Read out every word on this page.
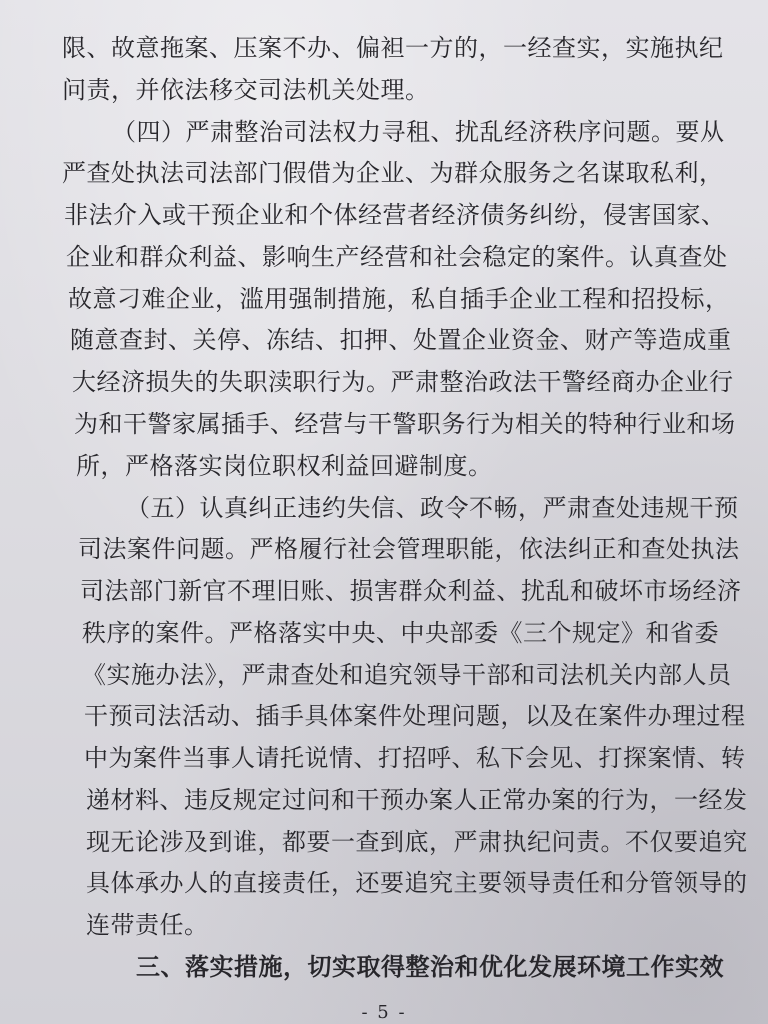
限、故意拖案、压案不办、偏袒一方的，一经查实，实施执纪
问责，并依法移交司法机关处理。
（四）严肃整治司法权力寻租、扰乱经济秩序问题。要从
严查处执法司法部门假借为企业、为群众服务之名谋取私利，
非法介入或干预企业和个体经营者经济债务纠纷，侵害国家、
企业和群众利益、影响生产经营和社会稳定的案件。认真查处
故意刁难企业，滥用强制措施，私自插手企业工程和招投标，
随意查封、关停、冻结、扣押、处置企业资金、财产等造成重
大经济损失的失职渎职行为。严肃整治政法干警经商办企业行
为和干警家属插手、经营与干警职务行为相关的特种行业和场
所，严格落实岗位职权利益回避制度。
（五）认真纠正违约失信、政令不畅，严肃查处违规干预
司法案件问题。严格履行社会管理职能，依法纠正和查处执法
司法部门新官不理旧账、损害群众利益、扰乱和破坏市场经济
秩序的案件。严格落实中央、中央部委《三个规定》和省委
《实施办法》，严肃查处和追究领导干部和司法机关内部人员
干预司法活动、插手具体案件处理问题，以及在案件办理过程
中为案件当事人请托说情、打招呼、私下会见、打探案情、转
递材料、违反规定过问和干预办案人正常办案的行为，一经发
现无论涉及到谁，都要一查到底，严肃执纪问责。不仅要追究
具体承办人的直接责任，还要追究主要领导责任和分管领导的
连带责任。
三、落实措施，切实取得整治和优化发展环境工作实效
- 5 -
